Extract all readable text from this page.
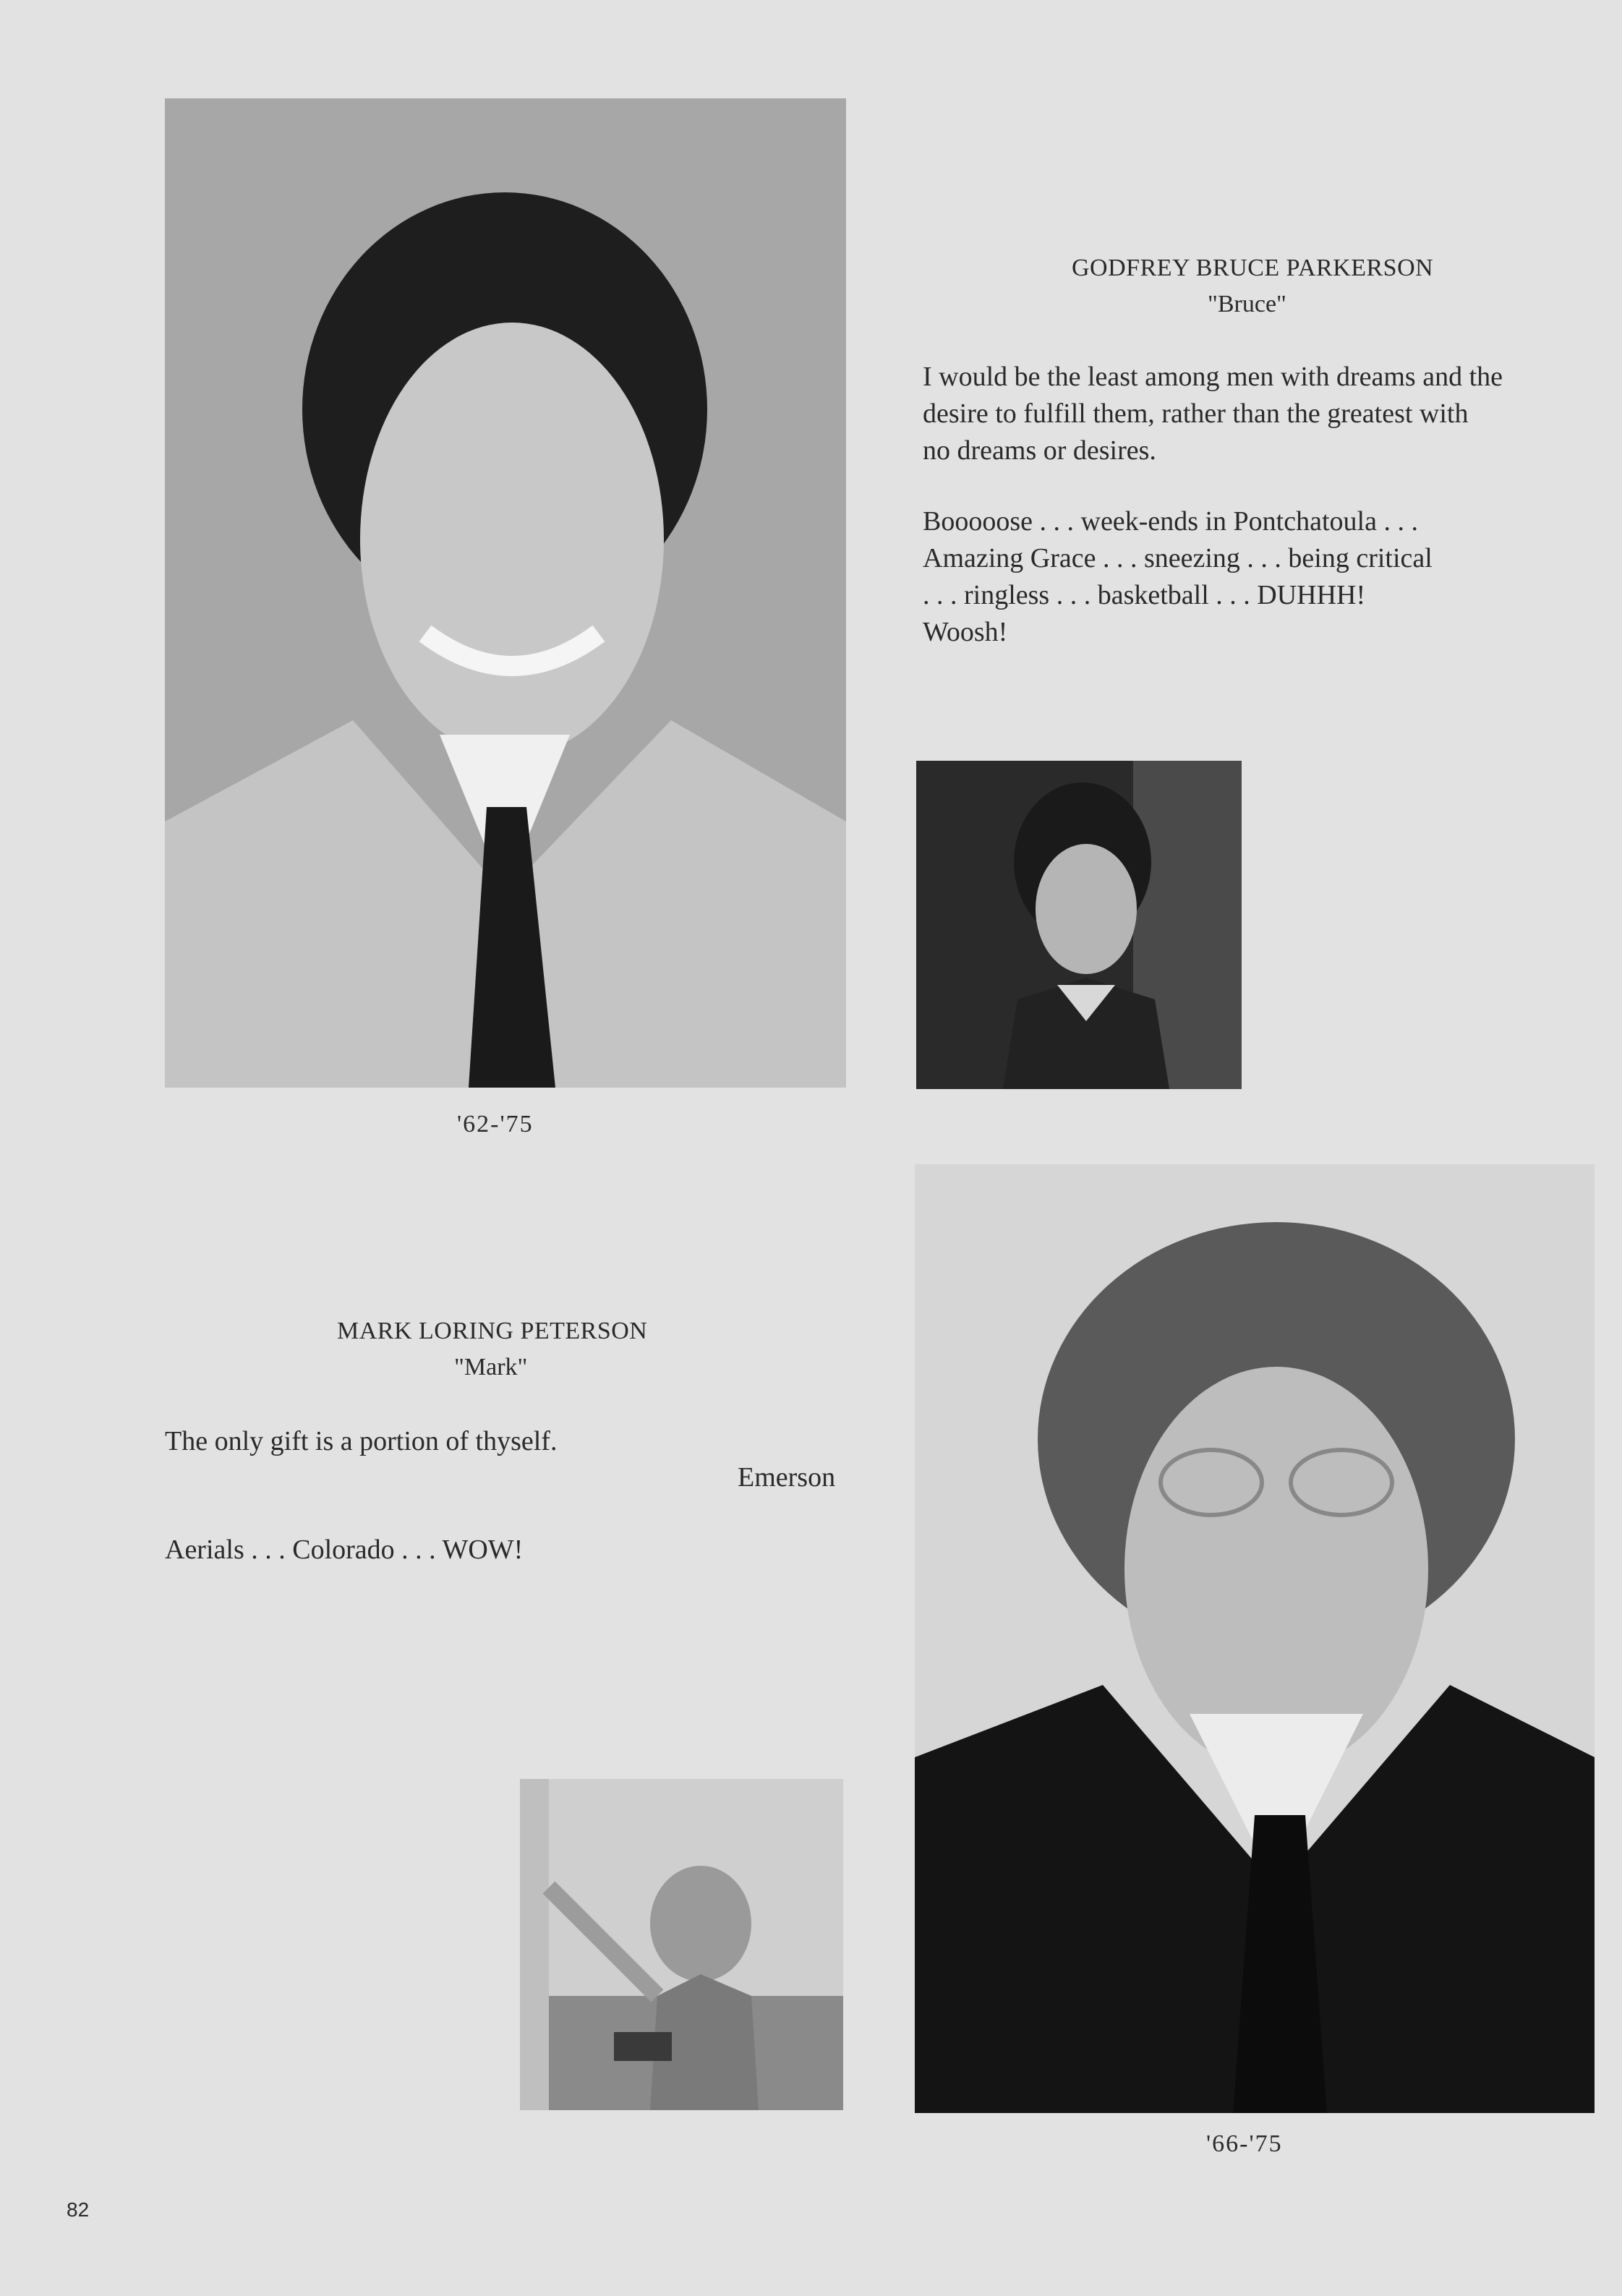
GODFREY BRUCE PARKERSON
"Bruce"
I would be the least among men with dreams and the
desire to fulfill them, rather than the greatest with
no dreams or desires.
Booooose . . . week-ends in Pontchatoula . . .
Amazing Grace . . . sneezing . . . being critical
. . . ringless . . . basketball . . . DUHHH!
Woosh!
'62-'75
MARK LORING PETERSON
"Mark"
The only gift is a portion of thyself.
Emerson
Aerials . . . Colorado . . . WOW!
'66-'75
82
